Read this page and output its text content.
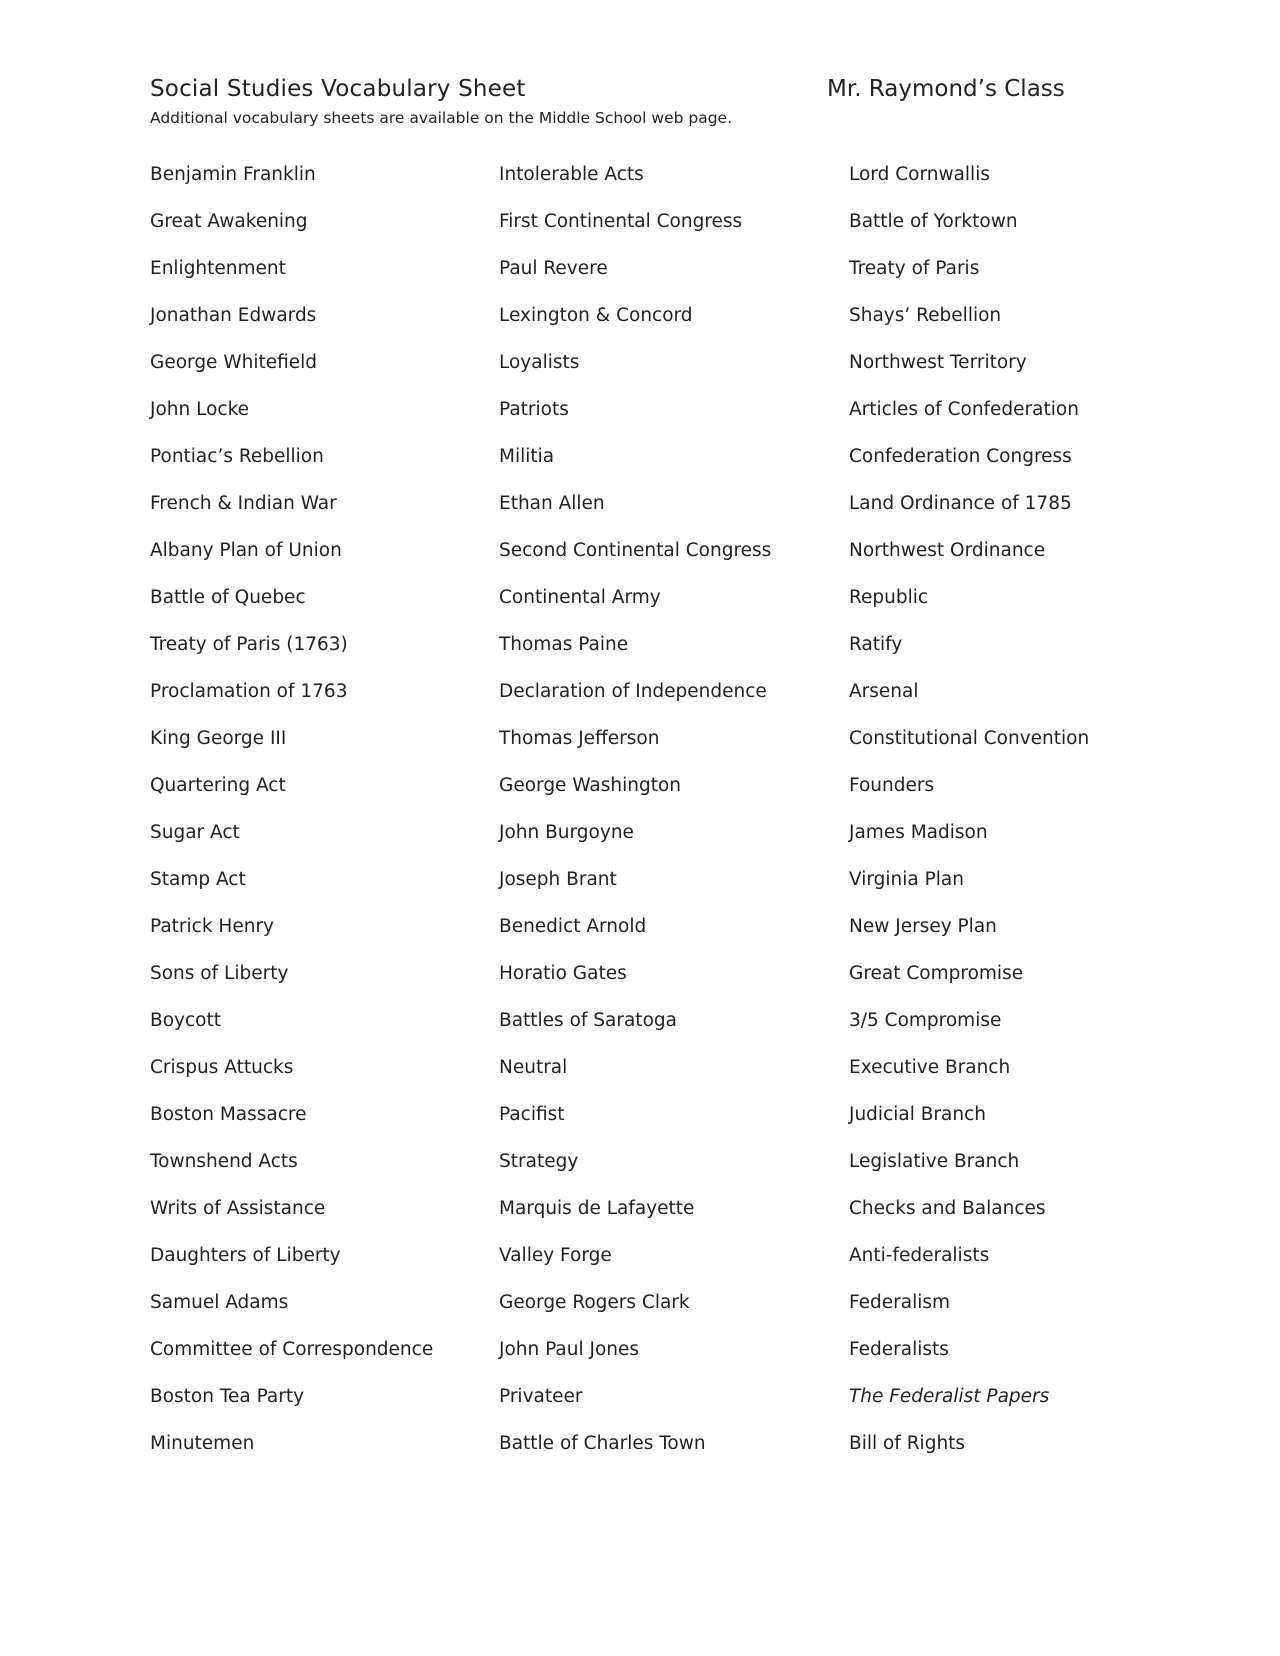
Social Studies Vocabulary Sheet	Mr. Raymond’s Class
Additional vocabulary sheets are available on the Middle School web page.
Benjamin Franklin
Great Awakening
Enlightenment
Jonathan Edwards
George Whitefield
John Locke
Pontiac’s Rebellion
French & Indian War
Albany Plan of Union
Battle of Quebec
Treaty of Paris (1763)
Proclamation of 1763
King George III
Quartering Act
Sugar Act
Stamp Act
Patrick Henry
Sons of Liberty
Boycott
Crispus Attucks
Boston Massacre
Townshend Acts
Writs of Assistance
Daughters of Liberty
Samuel Adams
Committee of Correspondence
Boston Tea Party
Minutemen
Intolerable Acts
First Continental Congress
Paul Revere
Lexington & Concord
Loyalists
Patriots
Militia
Ethan Allen
Second Continental Congress
Continental Army
Thomas Paine
Declaration of Independence
Thomas Jefferson
George Washington
John Burgoyne
Joseph Brant
Benedict Arnold
Horatio Gates
Battles of Saratoga
Neutral
Pacifist
Strategy
Marquis de Lafayette
Valley Forge
George Rogers Clark
John Paul Jones
Privateer
Battle of Charles Town
Lord Cornwallis
Battle of Yorktown
Treaty of Paris
Shays’ Rebellion
Northwest Territory
Articles of Confederation
Confederation Congress
Land Ordinance of 1785
Northwest Ordinance
Republic
Ratify
Arsenal
Constitutional Convention
Founders
James Madison
Virginia Plan
New Jersey Plan
Great Compromise
3/5 Compromise
Executive Branch
Judicial Branch
Legislative Branch
Checks and Balances
Anti-federalists
Federalism
Federalists
The Federalist Papers
Bill of Rights
